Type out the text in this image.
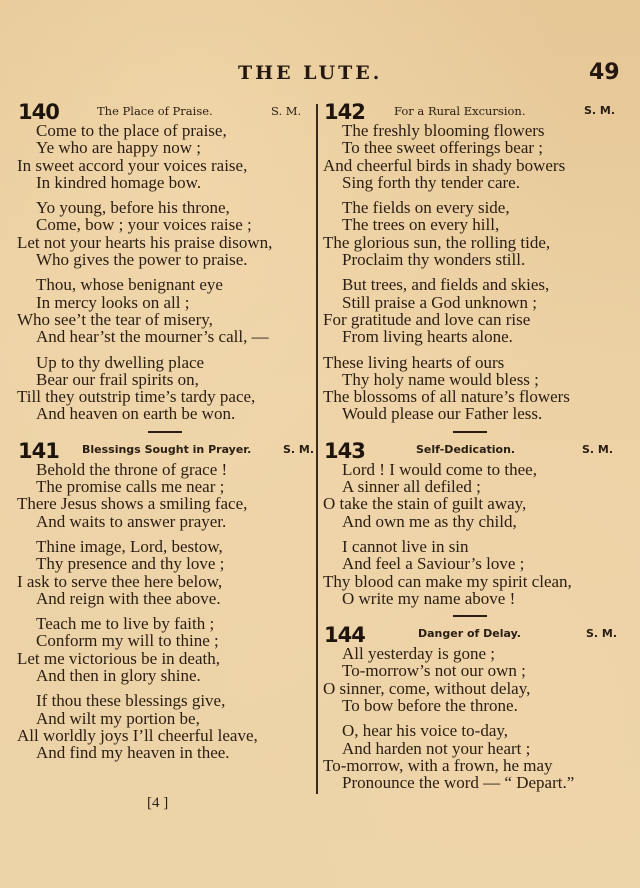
THE LUTE.	49
140	The Place of Praise.	S. M.
Come to the place of praise,
Ye who are happy now ;
In sweet accord your voices raise,
In kindred homage bow.
Yo young, before his throne,
Come, bow ; your voices raise ;
Let not your hearts his praise disown,
Who gives the power to praise.
Thou, whose benignant eye
In mercy looks on all ;
Who see’t the tear of misery,
And hear’st the mourner’s call, —
Up to thy dwelling place
Bear our frail spirits on,
Till they outstrip time’s tardy pace,
And heaven on earth be won.
141 Blessings Sought in Prayer.	S. M.
Behold the throne of grace !
The promise calls me near ;
There Jesus shows a smiling face,
And waits to answer prayer.
Thine image, Lord, bestow,
Thy presence and thy love ;
I ask to serve thee here below,
And reign with thee above.
Teach me to live by faith ;
Conform my will to thine ;
Let me victorious be in death,
And then in glory shine.
If thou these blessings give,
And wilt my portion be,
All worldly joys I’ll cheerful leave,
And find my heaven in thee.
142	For a Rural Excursion.	S. M.
The freshly blooming flowers
To thee sweet offerings bear ;
And cheerful birds in shady bowers
Sing forth thy tender care.
The fields on every side,
The trees on every hill,
The glorious sun, the rolling tide,
Proclaim thy wonders still.
But trees, and fields and skies,
Still praise a God unknown ;
For gratitude and love can rise
From living hearts alone.
These living hearts of ours
Thy holy name would bless ;
The blossoms of all nature’s flowers
Would please our Father less.
143	Self-Dedication.	S. M.
Lord ! I would come to thee,
A sinner all defiled ;
O take the stain of guilt away,
And own me as thy child,
I cannot live in sin
And feel a Saviour’s love ;
Thy blood can make my spirit clean,
O write my name above !
144	Danger of Delay.	S. M.
All yesterday is gone ;
To-morrow’s not our own ;
O sinner, come, without delay,
To bow before the throne.
O, hear his voice to-day,
And harden not your heart ;
To-morrow, with a frown, he may
Pronounce the word — “ Depart.”
[4 ]
